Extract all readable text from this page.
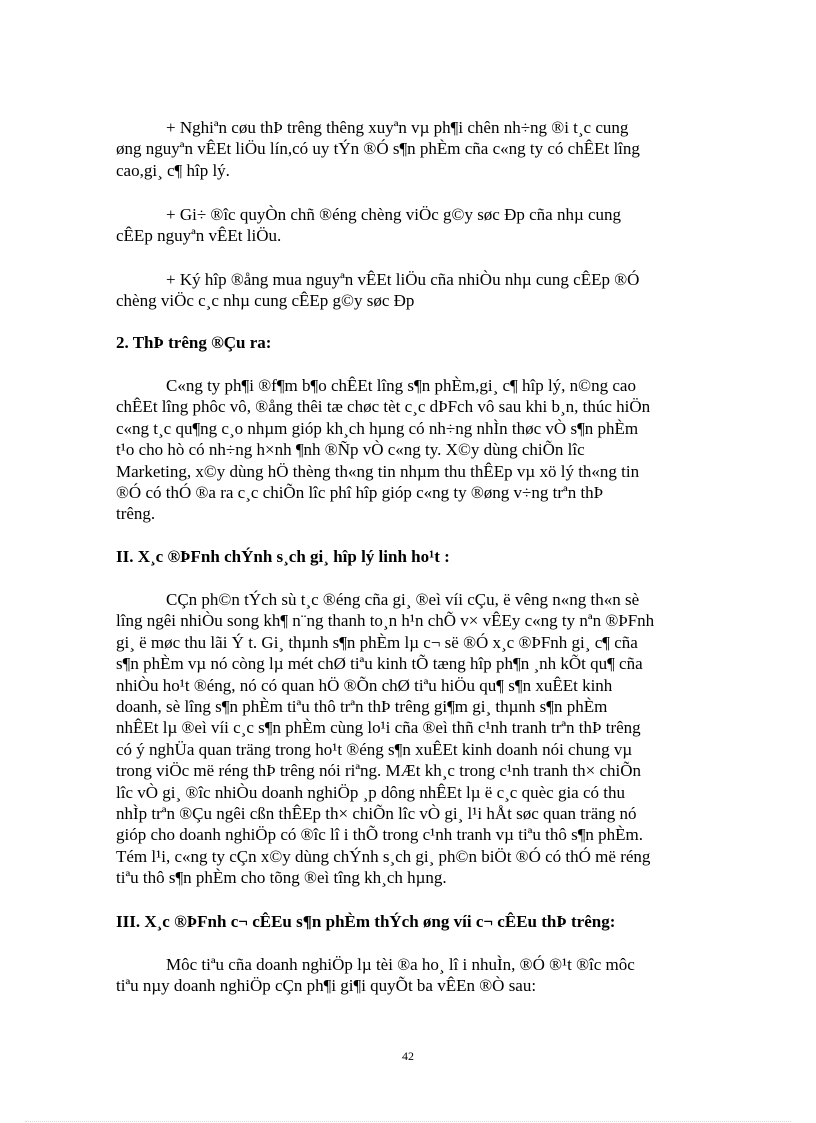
+ Nghiªn cøu thÞ trêng thêng xuyªn vµ ph¶i chên nh÷ng ®i t¸c cung
øng nguyªn vÊEt liÖu lín,có uy tÝn ®Ó s¶n phÈm cña c«ng ty có chÊEt lîng
cao,gi¸ c¶ hîp lý.
+ Gi÷ ®îc quyÒn chñ ®éng chèng viÖc g©y søc Ðp cña nhµ cung
cÊEp nguyªn vÊEt liÖu.
+ Ký hîp ®ång mua nguyªn vÊEt liÖu cña nhiÒu nhµ cung cÊEp ®Ó
chèng viÖc c¸c nhµ cung cÊEp g©y søc Ðp
2. ThÞ trêng ®Çu ra:
C«ng ty ph¶i ®f¶m b¶o chÊEt lîng s¶n phÈm,gi¸ c¶ hîp lý, n©ng cao
chÊEt lîng phôc vô, ®ång thêi tæ chøc tèt c¸c dÞFch vô sau khi b¸n, thúc hiÖn
c«ng t¸c qu¶ng c¸o nhµm gióp kh¸ch hµng có nh÷ng nhÌn thøc vÒ s¶n phÈm
t¹o cho hò có nh÷ng h×nh ¶nh ®Ñp vÒ c«ng ty. X©y dùng chiÕn lîc
Marketing, x©y dùng hÖ thèng th«ng tin nhµm thu thÊEp vµ xö lý th«ng tin
®Ó có thÓ ®a ra c¸c chiÕn lîc phî hîp gióp c«ng ty ®øng v÷ng trªn thÞ
trêng.
II. X¸c ®ÞFnh chÝnh s¸ch gi¸ hîp lý linh ho¹t :
CÇn ph©n tÝch sù t¸c ®éng cña gi¸ ®eì víi cÇu, ë vêng n«ng th«n sè
lîng ngêi nhiÒu song kh¶ n¨ng thanh to¸n h¹n chÕ v× vÊEy c«ng ty nªn ®ÞFnh
gi¸ ë møc thu lãi Ý t. Gi¸ thµnh s¶n phÈm lµ c¬ së ®Ó x¸c ®ÞFnh gi¸ c¶ cña
s¶n phÈm vµ nó còng lµ mét chØ tiªu kinh tÕ tæng hîp ph¶n ¸nh kÕt qu¶ cña
nhiÒu ho¹t ®éng, nó có quan hÖ ®Õn chØ tiªu hiÖu qu¶ s¶n xuÊEt kinh
doanh, sè lîng s¶n phÈm tiªu thô trªn thÞ trêng gi¶m gi¸ thµnh s¶n phÈm
nhÊEt lµ ®eì víi c¸c s¶n phÈm cùng lo¹i cña ®eì thñ c¹nh tranh trªn thÞ trêng
có ý nghÜa quan träng trong ho¹t ®éng s¶n xuÊEt kinh doanh nói chung vµ
trong viÖc më réng thÞ trêng nói riªng. MÆt kh¸c trong c¹nh tranh th× chiÕn
lîc vÒ gi¸ ®îc nhiÒu doanh nghiÖp ¸p dông nhÊEt lµ ë c¸c quèc gia có thu
nhÌp trªn ®Çu ngêi cßn thÊEp th× chiÕn lîc vÒ gi¸ l¹i hÅt søc quan träng nó
gióp cho doanh nghiÖp có ®îc lî i thÕ trong c¹nh tranh vµ tiªu thô s¶n phÈm.
Tém l¹i, c«ng ty cÇn x©y dùng chÝnh s¸ch gi¸ ph©n biÖt ®Ó có thÓ më réng
tiªu thô s¶n phÈm cho tõng ®eì tîng kh¸ch hµng.
III. X¸c ®ÞFnh c¬ cÊEu s¶n phÈm thÝch øng víi c¬ cÊEu thÞ trêng:
Môc tiªu cña doanh nghiÖp lµ tèi ®a ho¸ lî i nhuÌn, ®Ó ®¹t ®îc môc
tiªu nµy doanh nghiÖp cÇn ph¶i gi¶i quyÕt ba vÊEn ®Ò sau:
42
